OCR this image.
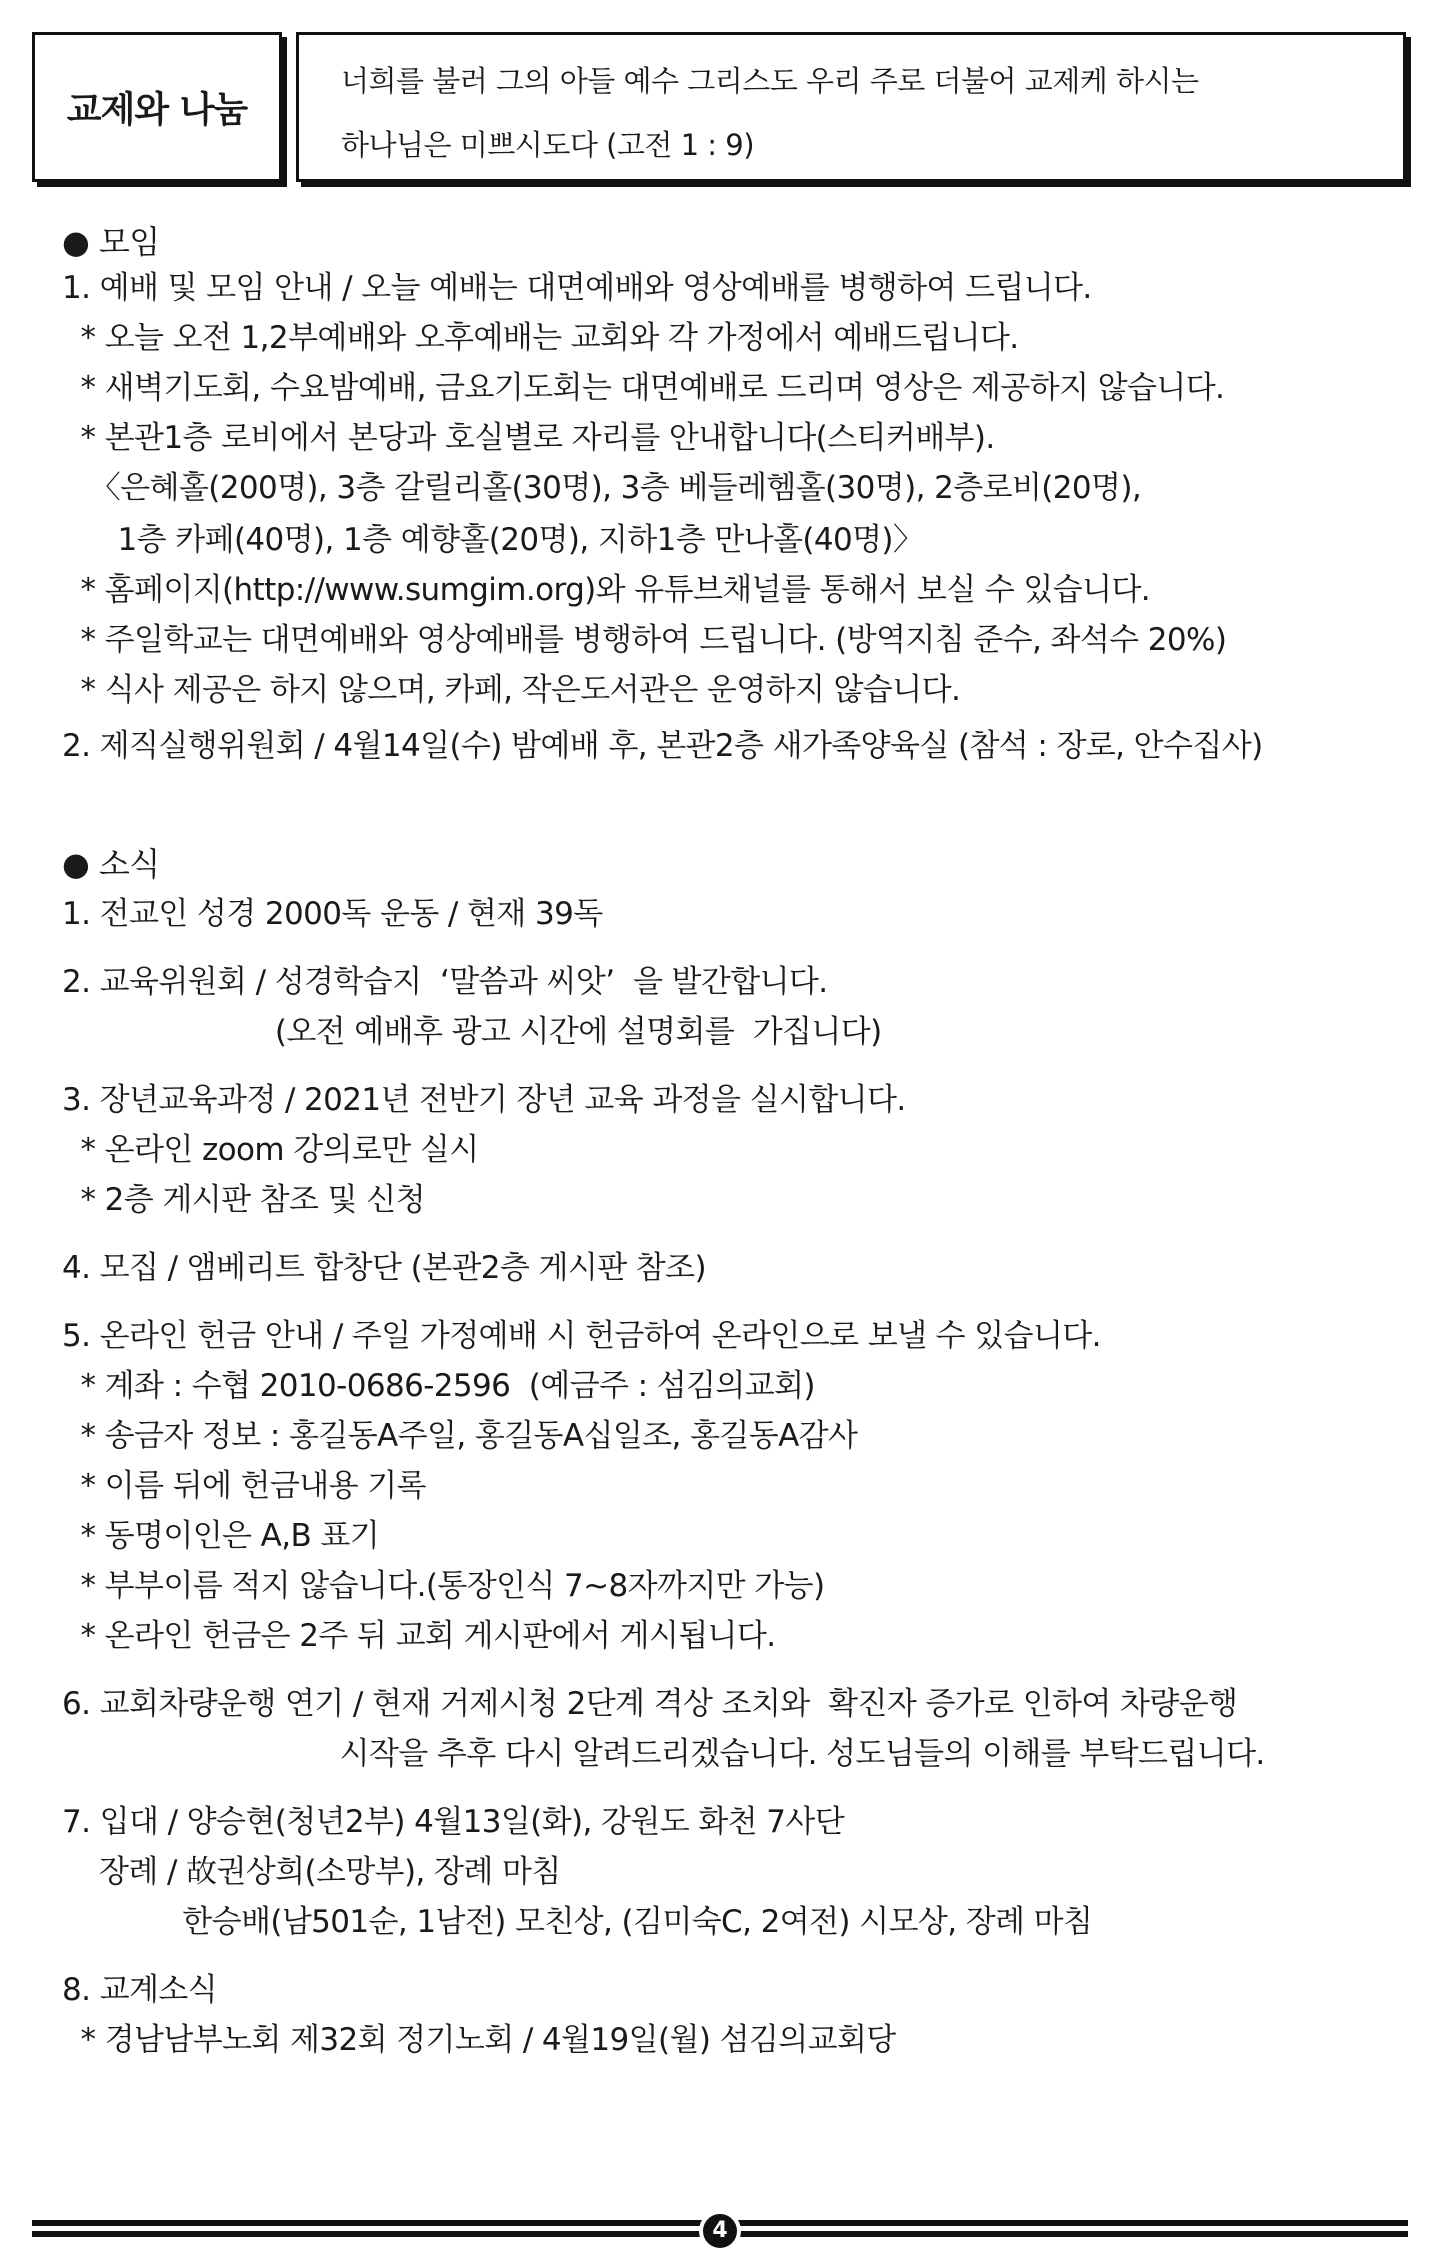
교제와 나눔
너희를 불러 그의 아들 예수 그리스도 우리 주로 더불어 교제케 하시는
하나님은 미쁘시도다 (고전 1 : 9)
● 모임
1. 예배 및 모임 안내 / 오늘 예배는 대면예배와 영상예배를 병행하여 드립니다.
* 오늘 오전 1,2부예배와 오후예배는 교회와 각 가정에서 예배드립니다.
* 새벽기도회, 수요밤예배, 금요기도회는 대면예배로 드리며 영상은 제공하지 않습니다.
* 본관1층 로비에서 본당과 호실별로 자리를 안내합니다(스티커배부).
〈은혜홀(200명), 3층 갈릴리홀(30명), 3층 베들레헴홀(30명), 2층로비(20명),
1층 카페(40명), 1층 예향홀(20명), 지하1층 만나홀(40명)〉
* 홈페이지(http://www.sumgim.org)와 유튜브채널를 통해서 보실 수 있습니다.
* 주일학교는 대면예배와 영상예배를 병행하여 드립니다. (방역지침 준수, 좌석수 20%)
* 식사 제공은 하지 않으며, 카페, 작은도서관은 운영하지 않습니다.
2. 제직실행위원회 / 4월14일(수) 밤예배 후, 본관2층 새가족양육실 (참석 : 장로, 안수집사)
● 소식
1. 전교인 성경 2000독 운동 / 현재 39독
2. 교육위원회 / 성경학습지  ‘말씀과 씨앗’  을 발간합니다.
(오전 예배후 광고 시간에 설명회를  가집니다)
3. 장년교육과정 / 2021년 전반기 장년 교육 과정을 실시합니다.
* 온라인 zoom 강의로만 실시
* 2층 게시판 참조 및 신청
4. 모집 / 앰베리트 합창단 (본관2층 게시판 참조)
5. 온라인 헌금 안내 / 주일 가정예배 시 헌금하여 온라인으로 보낼 수 있습니다.
* 계좌 : 수협 2010-0686-2596  (예금주 : 섬김의교회)
* 송금자 정보 : 홍길동A주일, 홍길동A십일조, 홍길동A감사
* 이름 뒤에 헌금내용 기록
* 동명이인은 A,B 표기
* 부부이름 적지 않습니다.(통장인식 7~8자까지만 가능)
* 온라인 헌금은 2주 뒤 교회 게시판에서 게시됩니다.
6. 교회차량운행 연기 / 현재 거제시청 2단계 격상 조치와  확진자 증가로 인하여 차량운행
시작을 추후 다시 알려드리겠습니다. 성도님들의 이해를 부탁드립니다.
7. 입대 / 양승현(청년2부) 4월13일(화), 강원도 화천 7사단
장례 / 故권상희(소망부), 장례 마침
한승배(남501순, 1남전) 모친상, (김미숙C, 2여전) 시모상, 장례 마침
8. 교계소식
* 경남남부노회 제32회 정기노회 / 4월19일(월) 섬김의교회당
4
